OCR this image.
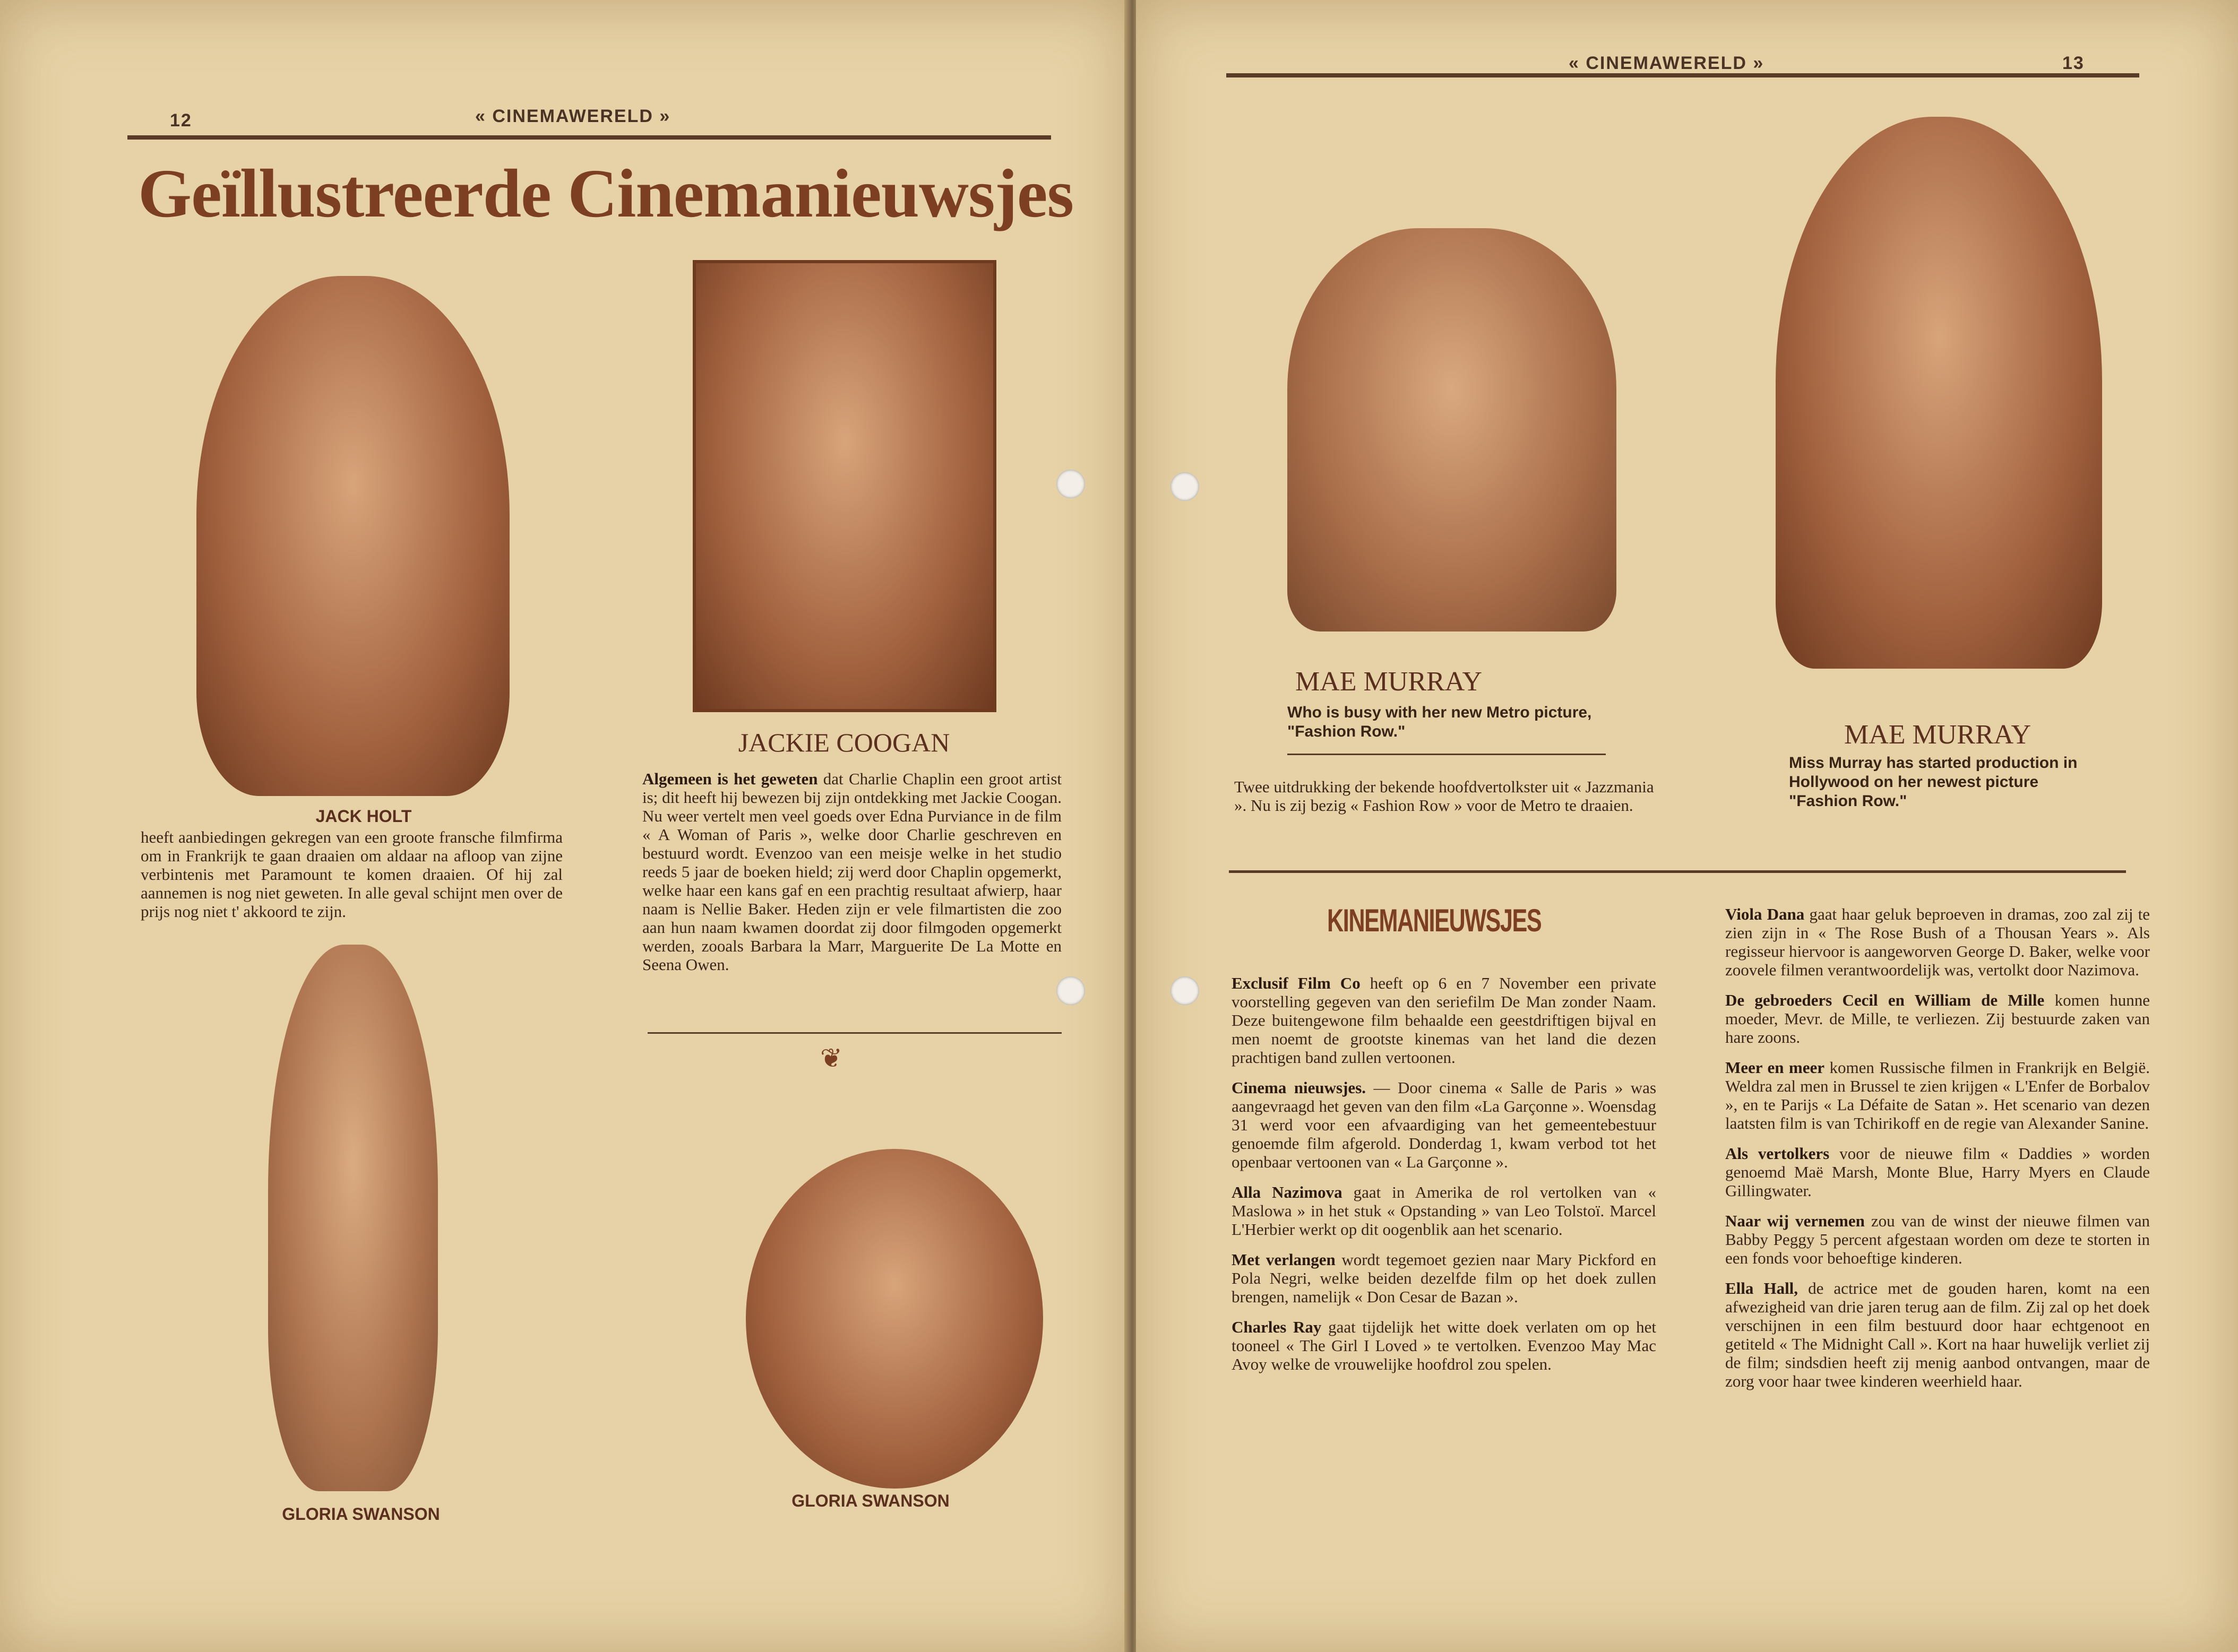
12	« CINEMAWERELD »
Geïllustreerde Cinemanieuwsjes
JACK HOLT
heeft aanbiedingen gekregen van een groote fransche filmfirma om in Frankrijk te gaan draaien om aldaar na afloop van zijne verbintenis met Paramount te komen draaien. Of hij zal aannemen is nog niet geweten. In alle geval schijnt men over de prijs nog niet t' akkoord te zijn.
JACKIE COOGAN
Algemeen is het geweten dat Charlie Chaplin een groot artist is; dit heeft hij bewezen bij zijn ontdekking met Jackie Coogan. Nu weer vertelt men veel goeds over Edna Purviance in de film « A Woman of Paris », welke door Charlie geschreven en bestuurd wordt. Evenzoo van een meisje welke in het studio reeds 5 jaar de boeken hield; zij werd door Chaplin opgemerkt, welke haar een kans gaf en een prachtig resultaat afwierp, haar naam is Nellie Baker. Heden zijn er vele filmartisten die zoo aan hun naam kwamen doordat zij door filmgoden opgemerkt werden, zooals Barbara la Marr, Marguerite De La Motte en Seena Owen.
❦
GLORIA SWANSON
GLORIA SWANSON
« CINEMAWERELD »	13
MAE MURRAY
Who is busy with her new Metro picture, "Fashion Row."
Twee uitdrukking der bekende hoofdvertolkster uit « Jazzmania ». Nu is zij bezig « Fashion Row » voor de Metro te draaien.
MAE MURRAY
Miss Murray has started production in Hollywood on her newest picture "Fashion Row."
KINEMANIEUWSJES

Exclusif Film Co heeft op 6 en 7 November een private voorstelling gegeven van den seriefilm De Man zonder Naam. Deze buitengewone film behaalde een geestdriftigen bijval en men noemt de grootste kinemas van het land die dezen prachtigen band zullen vertoonen.

Cinema nieuwsjes. — Door cinema « Salle de Paris » was aangevraagd het geven van den film «La Garçonne ». Woensdag 31 werd voor een afvaardiging van het gemeentebestuur genoemde film afgerold. Donderdag 1, kwam verbod tot het openbaar vertoonen van « La Garçonne ».

Alla Nazimova gaat in Amerika de rol vertolken van « Maslowa » in het stuk « Opstanding » van Leo Tolstoï. Marcel L'Herbier werkt op dit oogenblik aan het scenario.

Met verlangen wordt tegemoet gezien naar Mary Pickford en Pola Negri, welke beiden dezelfde film op het doek zullen brengen, namelijk « Don Cesar de Bazan ».

Charles Ray gaat tijdelijk het witte doek verlaten om op het tooneel « The Girl I Loved » te vertolken. Evenzoo May Mac Avoy welke de vrouwelijke hoofdrol zou spelen.

Viola Dana gaat haar geluk beproeven in dramas, zoo zal zij te zien zijn in « The Rose Bush of a Thousan Years ». Als regisseur hiervoor is aangeworven George D. Baker, welke voor zoovele filmen verantwoordelijk was, vertolkt door Nazimova.

De gebroeders Cecil en William de Mille komen hunne moeder, Mevr. de Mille, te verliezen. Zij bestuurde zaken van hare zoons.

Meer en meer komen Russische filmen in Frankrijk en België. Weldra zal men in Brussel te zien krijgen « L'Enfer de Borbalov », en te Parijs « La Défaite de Satan ». Het scenario van dezen laatsten film is van Tchirikoff en de regie van Alexander Sanine.

Als vertolkers voor de nieuwe film « Daddies » worden genoemd Maë Marsh, Monte Blue, Harry Myers en Claude Gillingwater.

Naar wij vernemen zou van de winst der nieuwe filmen van Babby Peggy 5 percent afgestaan worden om deze te storten in een fonds voor behoeftige kinderen.

Ella Hall, de actrice met de gouden haren, komt na een afwezigheid van drie jaren terug aan de film. Zij zal op het doek verschijnen in een film bestuurd door haar echtgenoot en getiteld « The Midnight Call ». Kort na haar huwelijk verliet zij de film; sindsdien heeft zij menig aanbod ontvangen, maar de zorg voor haar twee kinderen weerhield haar.
